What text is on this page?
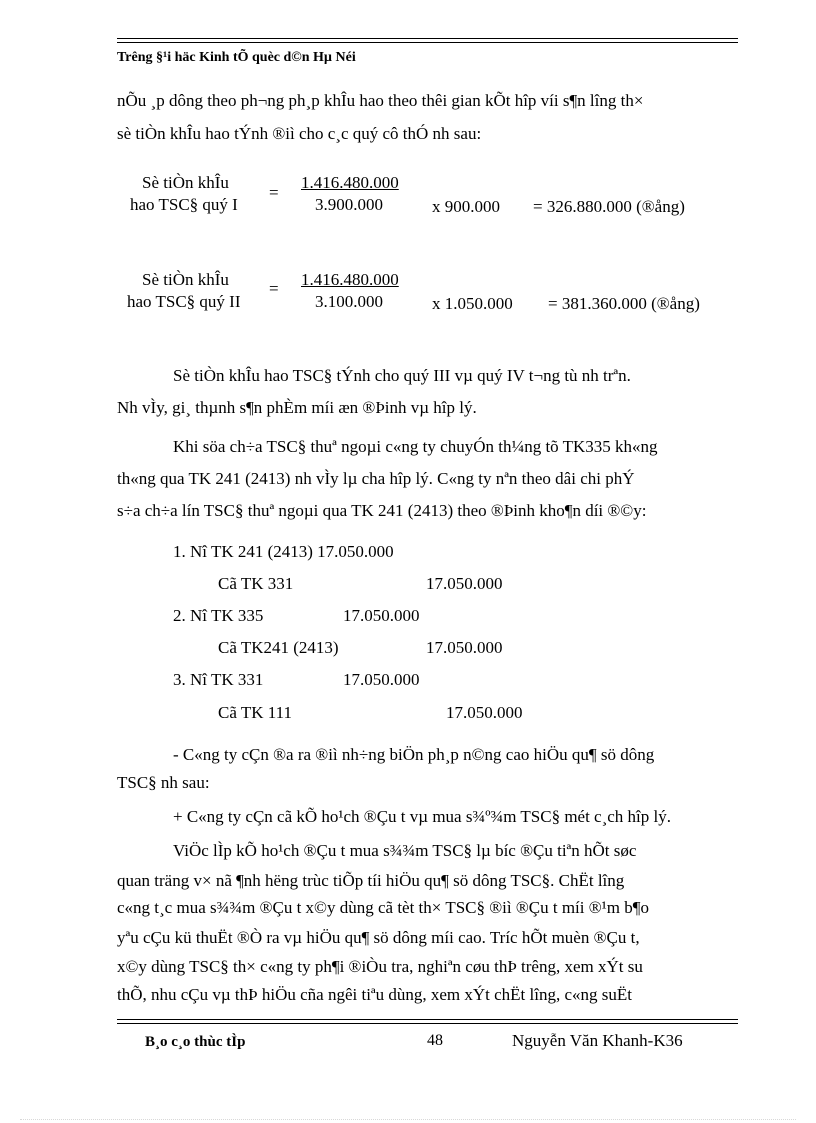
Trêng §¹i häc Kinh tÕ quèc d©n Hµ Néi
nÕu ¸p dông theo ph¬ng ph¸p khÎu hao theo thêi gian kÕt hîp víi s¶n lîng th×
sè tiÒn khÎu hao tÝnh ®iì cho c¸c quý cô thÓ nh sau:
Sè tiÒn khÎu
hao TSC§ quý I
=
1.416.480.000
3.900.000	x 900.000 = 326.880.000 (®ång)
Sè tiÒn khÎu
hao TSC§ quý II
= 1.416.480.000
3.100.000	x 1.050.000 = 381.360.000 (®ång)
Sè tiÒn khÎu hao TSC§ tÝnh cho quý III vµ quý IV t¬ng tù nh trªn.
Nh vÌy, gi¸ thµnh s¶n phÈm míi æn ®Þinh vµ hîp lý.
Khi söa ch÷a TSC§ thuª ngoµi c«ng ty chuyÓn th¼ng tõ TK335 kh«ng
th«ng qua TK 241 (2413) nh vÌy lµ cha hîp lý. C«ng ty nªn theo dâi chi phÝ
s÷a ch÷a lín TSC§ thuª ngoµi qua TK 241 (2413) theo ®Þinh kho¶n díi ®©y:
1. Nî TK 241 (2413) 17.050.000
Cã TK 331	17.050.000
2. Nî TK 335	17.050.000
Cã TK241 (2413)	17.050.000
3. Nî TK 331	17.050.000
Cã TK 111	17.050.000
- C«ng ty cÇn ®a ra ®iì nh÷ng biÖn ph¸p n©ng cao hiÖu qu¶ sö dông
TSC§ nh sau:
+ C«ng ty cÇn cã kÕ ho¹ch ®Çu t vµ mua s¾º¾m TSC§ mét c¸ch hîp lý.
ViÖc lÌp kÕ ho¹ch ®Çu t mua s¾¾m TSC§ lµ bíc ®Çu tiªn hÕt søc
quan träng v× nã ¶nh hëng trùc tiÕp tíi hiÖu qu¶ sö dông TSC§. ChËt lîng
c«ng t¸c mua s¾¾m ®Çu t x©y dùng cã tèt th× TSC§ ®iì ®Çu t míi ®¹m b¶o
yªu cÇu kü thuËt ®Ò ra vµ hiÖu qu¶ sö dông míi cao. Tríc hÕt muèn ®Çu t,
x©y dùng TSC§ th× c«ng ty ph¶i ®iÒu tra, nghiªn cøu thÞ trêng, xem xÝt su
thÕ, nhu cÇu vµ thÞ hiÖu cña ngêi tiªu dùng, xem xÝt chËt lîng, c«ng suËt
B¸o c¸o thùc tÌp	48	Nguyễn Văn Khanh-K36
